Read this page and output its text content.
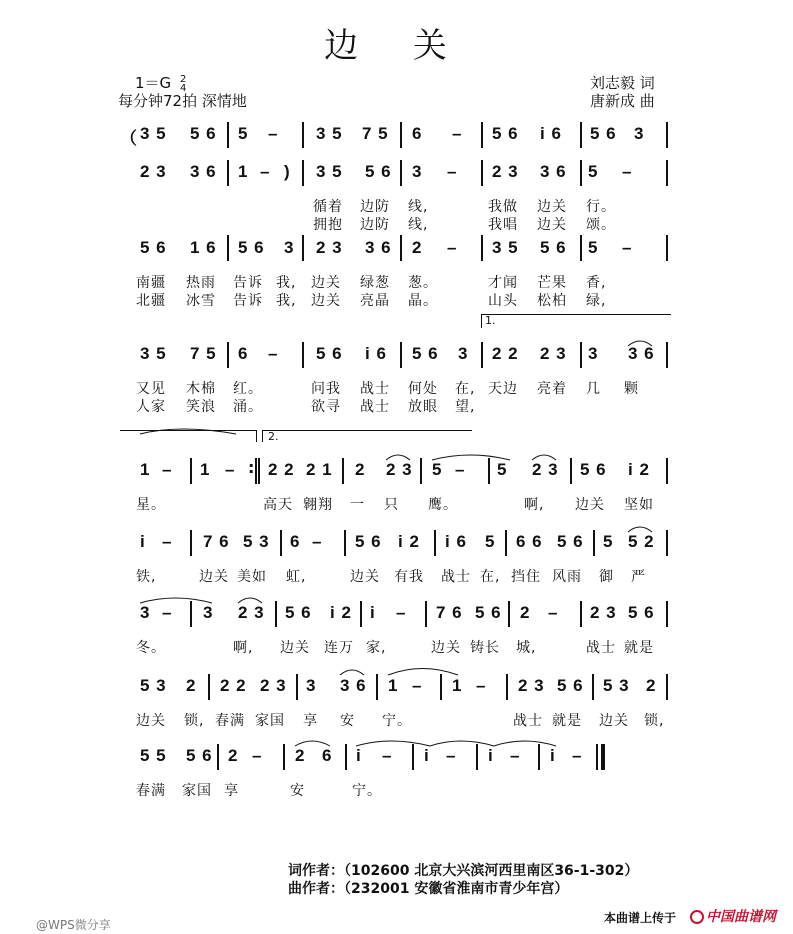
边 关
1＝G 2
4
每分钟72拍 深情地
刘志毅 词
唐新成 曲
（ 3 5 5 6 5 – 3 5 7 5 6 – 5 6 i 6 5 6 3
2 3 3 6 1 – ) 3 5 5 6 3 – 2 3 3 6 5 –
循着 边防 线,	我做 边关 行。
拥抱 边防 线,	我唱 边关 颂。
5 6 1 6 5 6 3 2 3 3 6 2 – 3 5 5 6 5 –
南疆 热雨 告诉 我, 边关 绿葱 葱。	才闻 芒果 香,
北疆 冰雪 告诉 我, 边关 亮晶 晶。	山头 松柏 绿,
3 5 7 5 6 – 5 6 i 6 5 6 3 2 2 2 3 3 3 6
又见 木棉 红。	问我 战士 何处 在, 天边 亮着 几 颗
人家 笑浪 涌。	欲寻 战士 放眼 望,
1 – 1 – 2 2 2 1 2 2 3 5 – 5 2 3 5 6 i 2
星。	高天 翱翔 一 只 鹰。	啊, 边关 坚如
i – 7 6 5 3 6 – 5 6 i 2 i 6 5 6 6 5 6 5 5 2
铁,	边关 美如 虹,	边关 有我 战士 在, 挡住 风雨 御 严
3 – 3 2 3 5 6 i 2 i – 7 6 5 6 2 – 2 3 5 6
冬。	啊, 边关 连万 家,	边关 铸长 城,	战士 就是
5 3 2 2 2 2 3 3 3 6 1 – 1 – 2 3 5 6 5 3 2
边关 锁, 春满 家国 享 安 宁。	战士 就是 边关 锁,
5 5 5 6 2 – 2 6 i – i – i – i –
春满 家国 享	安	宁。
1.
2.
:
词作者：（102600 北京大兴滨河西里南区36-1-302）
曲作者：（232001 安徽省淮南市青少年宫）
@WPS微分享	本曲谱上传于	中国曲谱网
